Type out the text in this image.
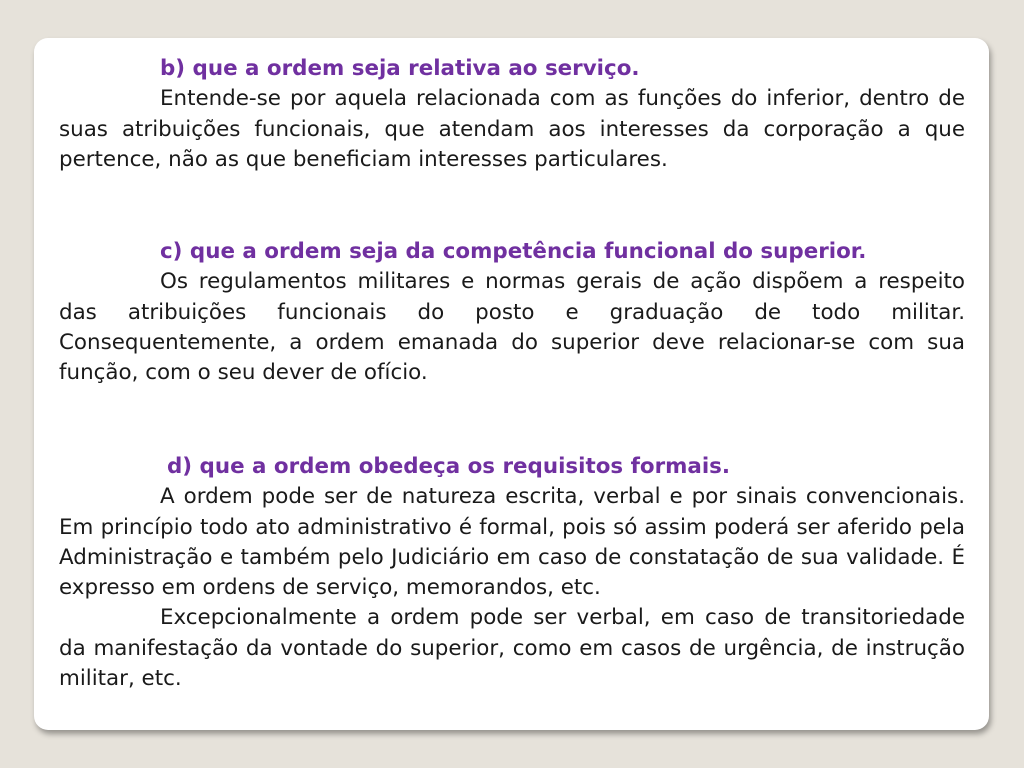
b) que a ordem seja relativa ao serviço.

Entende-se por aquela relacionada com as funções do inferior, dentro de suas atribuições funcionais, que atendam aos interesses da corporação a que pertence, não as que beneficiam interesses particulares.

c) que a ordem seja da competência funcional do superior.

Os regulamentos militares e normas gerais de ação dispõem a respeito das atribuições funcionais do posto e graduação de todo militar. Consequentemente, a ordem emanada do superior deve relacionar-se com sua função, com o seu dever de ofício.

d) que a ordem obedeça os requisitos formais.

A ordem pode ser de natureza escrita, verbal e por sinais convencionais. Em princípio todo ato administrativo é formal, pois só assim poderá ser aferido pela Administração e também pelo Judiciário em caso de constatação de sua validade. É expresso em ordens de serviço, memorandos, etc.

Excepcionalmente a ordem pode ser verbal, em caso de transitoriedade da manifestação da vontade do superior, como em casos de urgência, de instrução militar, etc.
